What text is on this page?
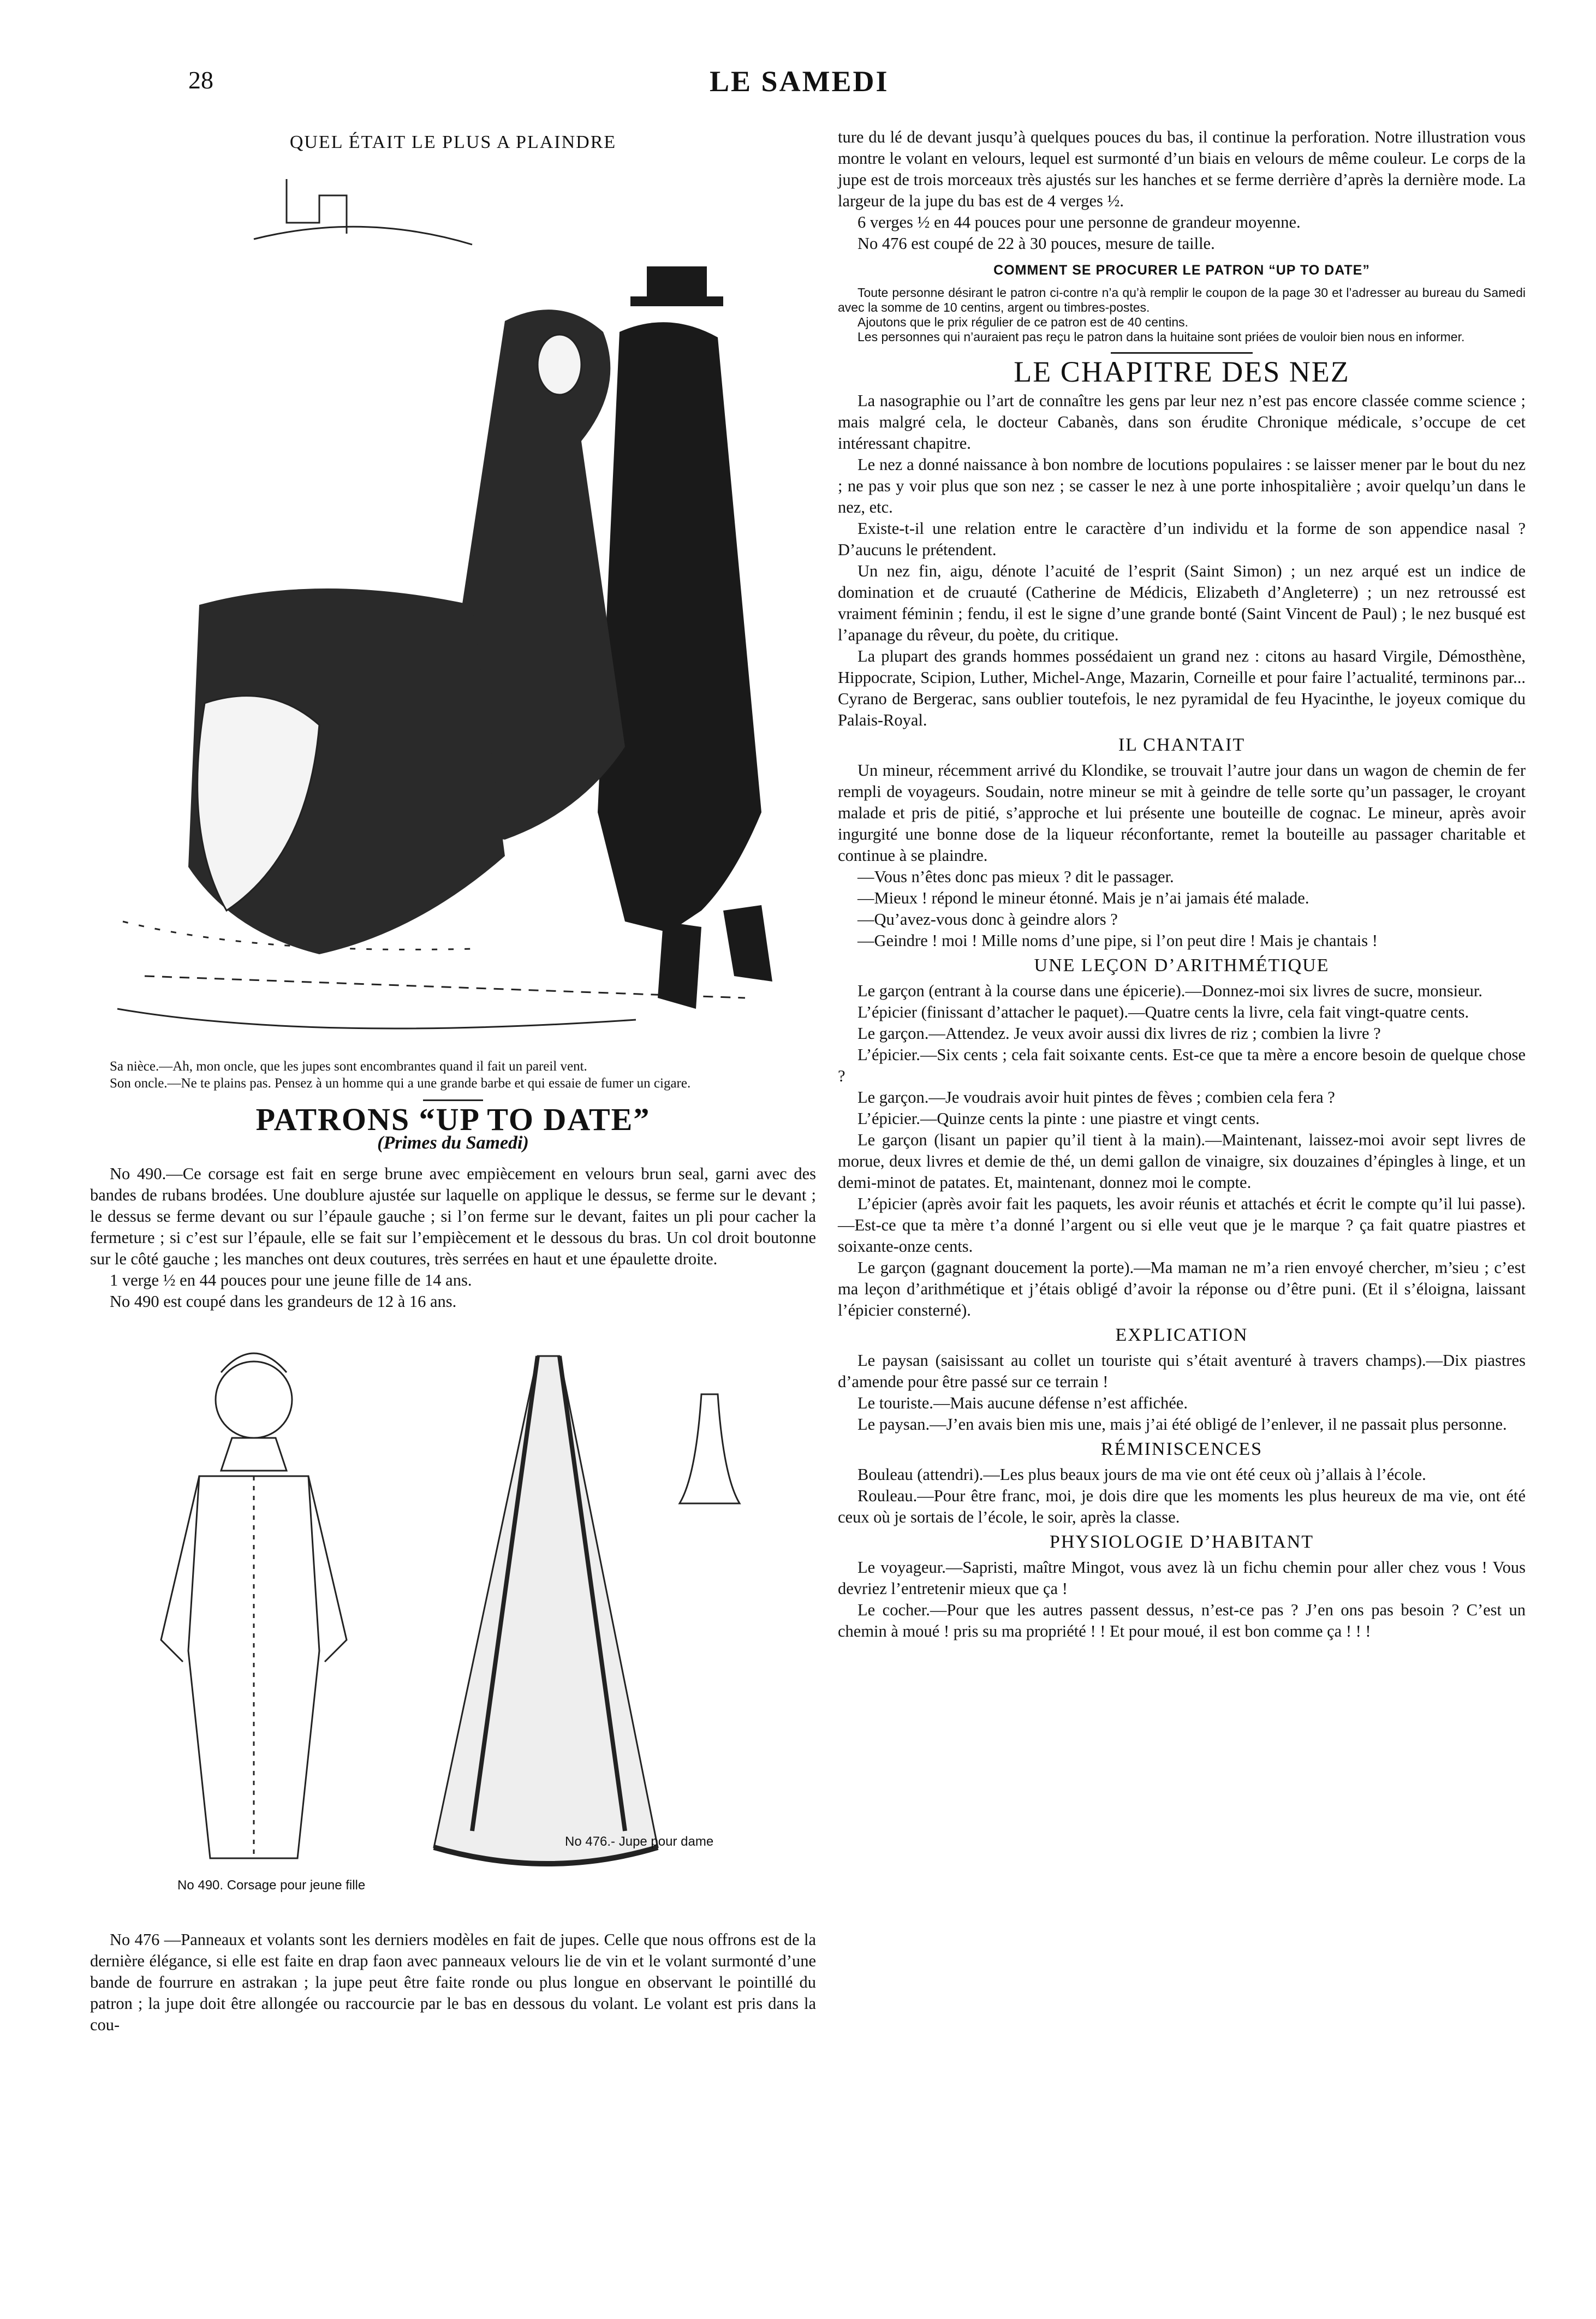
28	LE SAMEDI
QUEL ÉTAIT LE PLUS A PLAINDRE

Sa nièce.—Ah, mon oncle, que les jupes sont encombrantes quand il fait un pareil vent.

Son oncle.—Ne te plains pas. Pensez à un homme qui a une grande barbe et qui essaie de fumer un cigare.

PATRONS “UP TO DATE”
(Primes du Samedi)

No 490.—Ce corsage est fait en serge brune avec empiècement en velours brun seal, garni avec des bandes de rubans brodées. Une doublure ajustée sur laquelle on applique le dessus, se ferme sur le devant ; le dessus se ferme devant ou sur l’épaule gauche ; si l’on ferme sur le devant, faites un pli pour cacher la fermeture ; si c’est sur l’épaule, elle se fait sur l’empiècement et le dessous du bras. Un col droit boutonne sur le côté gauche ; les manches ont deux coutures, très serrées en haut et une épaulette droite.

1 verge ½ en 44 pouces pour une jeune fille de 14 ans.

No 490 est coupé dans les grandeurs de 12 à 16 ans.

No 476.- Jupe pour dame
No 490. Corsage pour jeune fille

No 476 —Panneaux et volants sont les derniers modèles en fait de jupes. Celle que nous offrons est de la dernière élégance, si elle est faite en drap faon avec panneaux velours lie de vin et le volant surmonté d’une bande de fourrure en astrakan ; la jupe peut être faite ronde ou plus longue en observant le pointillé du patron ; la jupe doit être allongée ou raccourcie par le bas en dessous du volant. Le volant est pris dans la cou-

ture du lé de devant jusqu’à quelques pouces du bas, il continue la perforation. Notre illustration vous montre le volant en velours, lequel est surmonté d’un biais en velours de même couleur. Le corps de la jupe est de trois morceaux très ajustés sur les hanches et se ferme derrière d’après la dernière mode. La largeur de la jupe du bas est de 4 verges ½.

6 verges ½ en 44 pouces pour une personne de grandeur moyenne.

No 476 est coupé de 22 à 30 pouces, mesure de taille.

COMMENT SE PROCURER LE PATRON “UP TO DATE”

Toute personne désirant le patron ci-contre n’a qu’à remplir le coupon de la page 30 et l’adresser au bureau du Samedi avec la somme de 10 centins, argent ou timbres-postes.

Ajoutons que le prix régulier de ce patron est de 40 centins.

Les personnes qui n’auraient pas reçu le patron dans la huitaine sont priées de vouloir bien nous en informer.

LE CHAPITRE DES NEZ

La nasographie ou l’art de connaître les gens par leur nez n’est pas encore classée comme science ; mais malgré cela, le docteur Cabanès, dans son érudite Chronique médicale, s’occupe de cet intéressant chapitre.

Le nez a donné naissance à bon nombre de locutions populaires : se laisser mener par le bout du nez ; ne pas y voir plus que son nez ; se casser le nez à une porte inhospitalière ; avoir quelqu’un dans le nez, etc.

Existe-t-il une relation entre le caractère d’un individu et la forme de son appendice nasal ? D’aucuns le prétendent.

Un nez fin, aigu, dénote l’acuité de l’esprit (Saint Simon) ; un nez arqué est un indice de domination et de cruauté (Catherine de Médicis, Elizabeth d’Angleterre) ; un nez retroussé est vraiment féminin ; fendu, il est le signe d’une grande bonté (Saint Vincent de Paul) ; le nez busqué est l’apanage du rêveur, du poète, du critique.

La plupart des grands hommes possédaient un grand nez : citons au hasard Virgile, Démosthène, Hippocrate, Scipion, Luther, Michel-Ange, Mazarin, Corneille et pour faire l’actualité, terminons par... Cyrano de Bergerac, sans oublier toutefois, le nez pyramidal de feu Hyacinthe, le joyeux comique du Palais-Royal.

IL CHANTAIT

Un mineur, récemment arrivé du Klondike, se trouvait l’autre jour dans un wagon de chemin de fer rempli de voyageurs. Soudain, notre mineur se mit à geindre de telle sorte qu’un passager, le croyant malade et pris de pitié, s’approche et lui présente une bouteille de cognac. Le mineur, après avoir ingurgité une bonne dose de la liqueur réconfortante, remet la bouteille au passager charitable et continue à se plaindre.

—Vous n’êtes donc pas mieux ? dit le passager.

—Mieux ! répond le mineur étonné. Mais je n’ai jamais été malade.

—Qu’avez-vous donc à geindre alors ?

—Geindre ! moi ! Mille noms d’une pipe, si l’on peut dire ! Mais je chantais !

UNE LEÇON D’ARITHMÉTIQUE

Le garçon (entrant à la course dans une épicerie).—Donnez-moi six livres de sucre, monsieur.

L’épicier (finissant d’attacher le paquet).—Quatre cents la livre, cela fait vingt-quatre cents.

Le garçon.—Attendez. Je veux avoir aussi dix livres de riz ; combien la livre ?

L’épicier.—Six cents ; cela fait soixante cents. Est-ce que ta mère a encore besoin de quelque chose ?

Le garçon.—Je voudrais avoir huit pintes de fèves ; combien cela fera ?

L’épicier.—Quinze cents la pinte : une piastre et vingt cents.

Le garçon (lisant un papier qu’il tient à la main).—Maintenant, laissez-moi avoir sept livres de morue, deux livres et demie de thé, un demi gallon de vinaigre, six douzaines d’épingles à linge, et un demi-minot de patates. Et, maintenant, donnez moi le compte.

L’épicier (après avoir fait les paquets, les avoir réunis et attachés et écrit le compte qu’il lui passe).—Est-ce que ta mère t’a donné l’argent ou si elle veut que je le marque ? ça fait quatre piastres et soixante-onze cents.

Le garçon (gagnant doucement la porte).—Ma maman ne m’a rien envoyé chercher, m’sieu ; c’est ma leçon d’arithmétique et j’étais obligé d’avoir la réponse ou d’être puni. (Et il s’éloigna, laissant l’épicier consterné).

EXPLICATION

Le paysan (saisissant au collet un touriste qui s’était aventuré à travers champs).—Dix piastres d’amende pour être passé sur ce terrain !

Le touriste.—Mais aucune défense n’est affichée.

Le paysan.—J’en avais bien mis une, mais j’ai été obligé de l’enlever, il ne passait plus personne.

RÉMINISCENCES

Bouleau (attendri).—Les plus beaux jours de ma vie ont été ceux où j’allais à l’école.

Rouleau.—Pour être franc, moi, je dois dire que les moments les plus heureux de ma vie, ont été ceux où je sortais de l’école, le soir, après la classe.

PHYSIOLOGIE D’HABITANT

Le voyageur.—Sapristi, maître Mingot, vous avez là un fichu chemin pour aller chez vous ! Vous devriez l’entretenir mieux que ça !

Le cocher.—Pour que les autres passent dessus, n’est-ce pas ? J’en ons pas besoin ? C’est un chemin à moué ! pris su ma propriété ! ! Et pour moué, il est bon comme ça ! ! !
